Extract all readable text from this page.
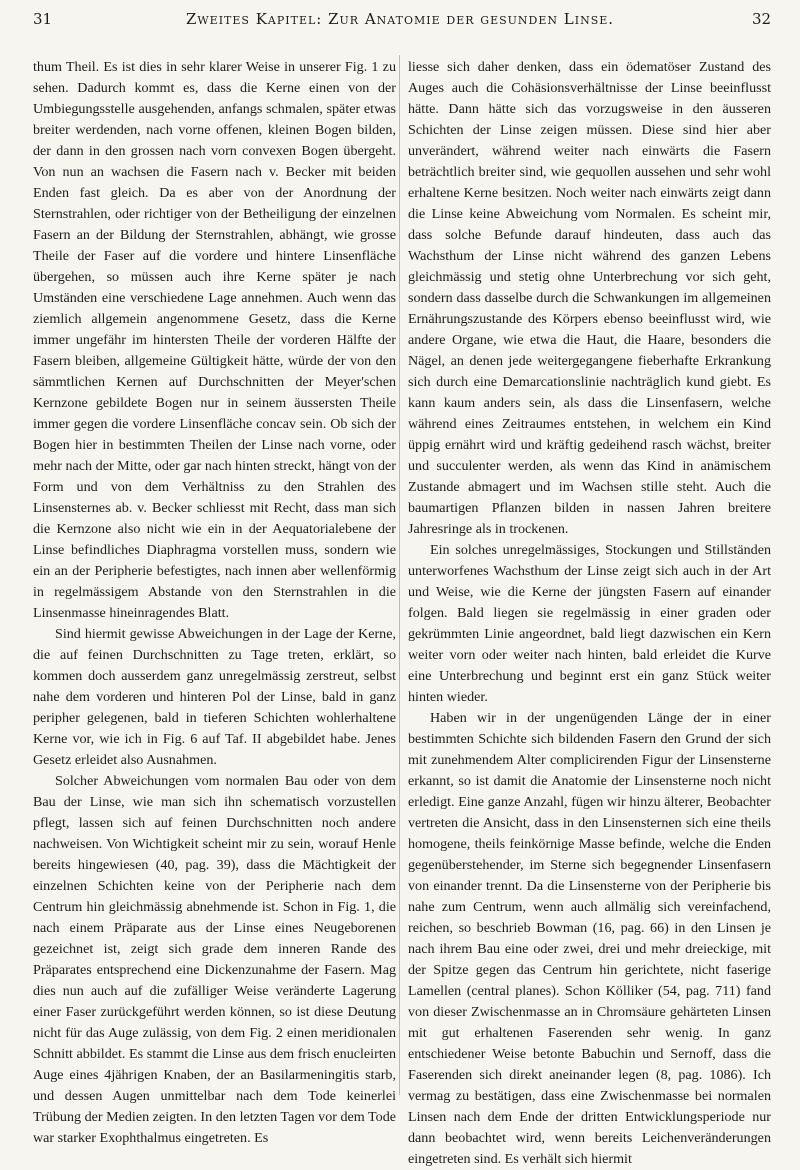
31	Zweites Kapitel: Zur Anatomie der gesunden Linse.	32

thum Theil. Es ist dies in sehr klarer Weise in unserer Fig. 1 zu sehen. Dadurch kommt es, dass die Kerne einen von der Umbiegungsstelle ausgehenden, anfangs schmalen, später etwas breiter werdenden, nach vorne offenen, kleinen Bogen bilden, der dann in den grossen nach vorn convexen Bogen übergeht. Von nun an wachsen die Fasern nach v. Becker mit beiden Enden fast gleich. Da es aber von der Anordnung der Sternstrahlen, oder richtiger von der Betheiligung der einzelnen Fasern an der Bildung der Sternstrahlen, abhängt, wie grosse Theile der Faser auf die vordere und hintere Linsenfläche übergehen, so müssen auch ihre Kerne später je nach Umständen eine verschiedene Lage annehmen. Auch wenn das ziemlich allgemein angenommene Gesetz, dass die Kerne immer ungefähr im hintersten Theile der vorderen Hälfte der Fasern bleiben, allgemeine Gültigkeit hätte, würde der von den sämmtlichen Kernen auf Durchschnitten der Meyer'schen Kernzone gebildete Bogen nur in seinem äussersten Theile immer gegen die vordere Linsenfläche concav sein. Ob sich der Bogen hier in bestimmten Theilen der Linse nach vorne, oder mehr nach der Mitte, oder gar nach hinten streckt, hängt von der Form und von dem Verhältniss zu den Strahlen des Linsensternes ab. v. Becker schliesst mit Recht, dass man sich die Kernzone also nicht wie ein in der Aequatorialebene der Linse befindliches Diaphragma vorstellen muss, sondern wie ein an der Peripherie befestigtes, nach innen aber wellenförmig in regelmässigem Abstande von den Sternstrahlen in die Linsenmasse hineinragendes Blatt.

Sind hiermit gewisse Abweichungen in der Lage der Kerne, die auf feinen Durchschnitten zu Tage treten, erklärt, so kommen doch ausserdem ganz unregelmässig zerstreut, selbst nahe dem vorderen und hinteren Pol der Linse, bald in ganz peripher gelegenen, bald in tieferen Schichten wohlerhaltene Kerne vor, wie ich in Fig. 6 auf Taf. II abgebildet habe. Jenes Gesetz erleidet also Ausnahmen.

Solcher Abweichungen vom normalen Bau oder von dem Bau der Linse, wie man sich ihn schematisch vorzustellen pflegt, lassen sich auf feinen Durchschnitten noch andere nachweisen. Von Wichtigkeit scheint mir zu sein, worauf Henle bereits hingewiesen (40, pag. 39), dass die Mächtigkeit der einzelnen Schichten keine von der Peripherie nach dem Centrum hin gleichmässig abnehmende ist. Schon in Fig. 1, die nach einem Präparate aus der Linse eines Neugeborenen gezeichnet ist, zeigt sich grade dem inneren Rande des Präparates entsprechend eine Dickenzunahme der Fasern. Mag dies nun auch auf die zufälliger Weise veränderte Lagerung einer Faser zurückgeführt werden können, so ist diese Deutung nicht für das Auge zulässig, von dem Fig. 2 einen meridionalen Schnitt abbildet. Es stammt die Linse aus dem frisch enucleirten Auge eines 4jährigen Knaben, der an Basilarmeningitis starb, und dessen Augen unmittelbar nach dem Tode keinerlei Trübung der Medien zeigten. In den letzten Tagen vor dem Tode war starker Exophthalmus eingetreten. Es

liesse sich daher denken, dass ein ödematöser Zustand des Auges auch die Cohäsionsverhältnisse der Linse beeinflusst hätte. Dann hätte sich das vorzugsweise in den äusseren Schichten der Linse zeigen müssen. Diese sind hier aber unverändert, während weiter nach einwärts die Fasern beträchtlich breiter sind, wie gequollen aussehen und sehr wohl erhaltene Kerne besitzen. Noch weiter nach einwärts zeigt dann die Linse keine Abweichung vom Normalen. Es scheint mir, dass solche Befunde darauf hindeuten, dass auch das Wachsthum der Linse nicht während des ganzen Lebens gleichmässig und stetig ohne Unterbrechung vor sich geht, sondern dass dasselbe durch die Schwankungen im allgemeinen Ernährungszustande des Körpers ebenso beeinflusst wird, wie andere Organe, wie etwa die Haut, die Haare, besonders die Nägel, an denen jede weitergegangene fieberhafte Erkrankung sich durch eine Demarcationslinie nachträglich kund giebt. Es kann kaum anders sein, als dass die Linsenfasern, welche während eines Zeitraumes entstehen, in welchem ein Kind üppig ernährt wird und kräftig gedeihend rasch wächst, breiter und succulenter werden, als wenn das Kind in anämischem Zustande abmagert und im Wachsen stille steht. Auch die baumartigen Pflanzen bilden in nassen Jahren breitere Jahresringe als in trockenen.

Ein solches unregelmässiges, Stockungen und Stillständen unterworfenes Wachsthum der Linse zeigt sich auch in der Art und Weise, wie die Kerne der jüngsten Fasern auf einander folgen. Bald liegen sie regelmässig in einer graden oder gekrümmten Linie angeordnet, bald liegt dazwischen ein Kern weiter vorn oder weiter nach hinten, bald erleidet die Kurve eine Unterbrechung und beginnt erst ein ganz Stück weiter hinten wieder.

Haben wir in der ungenügenden Länge der in einer bestimmten Schichte sich bildenden Fasern den Grund der sich mit zunehmendem Alter complicirenden Figur der Linsensterne erkannt, so ist damit die Anatomie der Linsensterne noch nicht erledigt. Eine ganze Anzahl, fügen wir hinzu älterer, Beobachter vertreten die Ansicht, dass in den Linsensternen sich eine theils homogene, theils feinkörnige Masse befinde, welche die Enden gegenüberstehender, im Sterne sich begegnender Linsenfasern von einander trennt. Da die Linsensterne von der Peripherie bis nahe zum Centrum, wenn auch allmälig sich vereinfachend, reichen, so beschrieb Bowman (16, pag. 66) in den Linsen je nach ihrem Bau eine oder zwei, drei und mehr dreieckige, mit der Spitze gegen das Centrum hin gerichtete, nicht faserige Lamellen (central planes). Schon Kölliker (54, pag. 711) fand von dieser Zwischenmasse an in Chromsäure gehärteten Linsen mit gut erhaltenen Faserenden sehr wenig. In ganz entschiedener Weise betonte Babuchin und Sernoff, dass die Faserenden sich direkt aneinander legen (8, pag. 1086). Ich vermag zu bestätigen, dass eine Zwischenmasse bei normalen Linsen nach dem Ende der dritten Entwicklungsperiode nur dann beobachtet wird, wenn bereits Leichenveränderungen eingetreten sind. Es verhält sich hiermit
